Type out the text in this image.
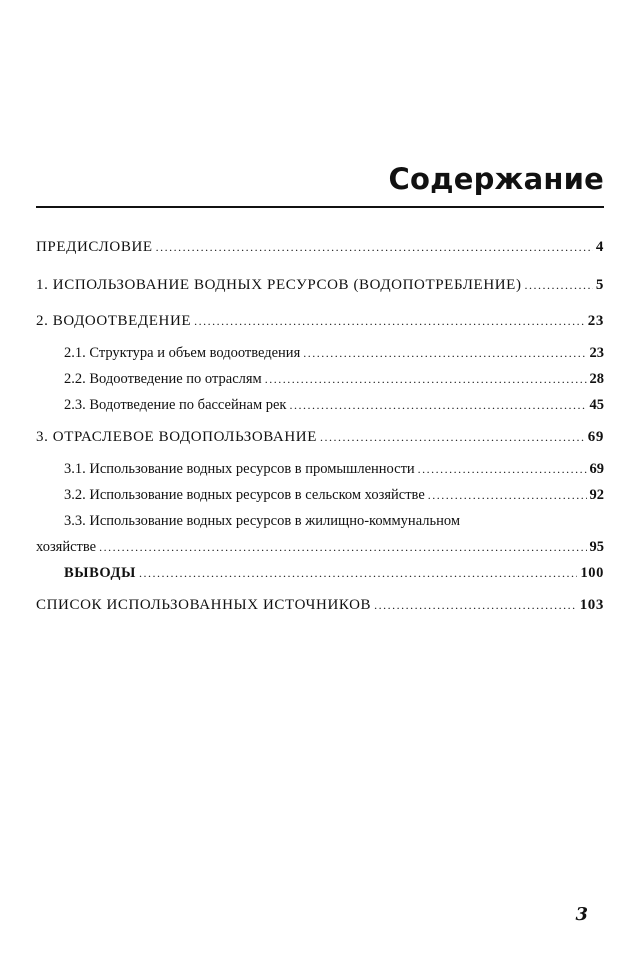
Содержание
ПРЕДИСЛОВИЕ .....	4
1. ИСПОЛЬЗОВАНИЕ ВОДНЫХ РЕСУРСОВ (ВОДОПОТРЕБЛЕНИЕ) .....	5
2. ВОДООТВЕДЕНИЕ .....	23
2.1. Структура и объем водоотведения .....	23
2.2. Водоотведение по отраслям .....	28
2.3. Водотведение по бассейнам рек .....	45
3. ОТРАСЛЕВОЕ ВОДОПОЛЬЗОВАНИЕ .....	69
3.1. Использование водных ресурсов в промышленности .....	69
3.2. Использование водных ресурсов в сельском хозяйстве .....	92
3.3. Использование водных ресурсов в жилищно-коммунальном
хозяйстве .....	95
ВЫВОДЫ .....	100
СПИСОК ИСПОЛЬЗОВАННЫХ ИСТОЧНИКОВ .....	103
3
